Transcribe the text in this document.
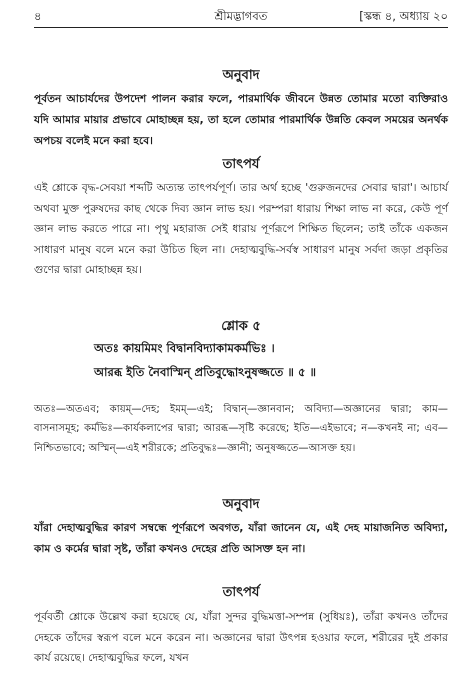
৪	শ্রীমদ্ভাগবত	[স্কন্ধ ৪, অধ্যায় ২০
অনুবাদ

পূর্বতন আচার্যদের উপদেশ পালন করার ফলে, পারমার্থিক জীবনে উন্নত তোমার মতো ব্যক্তিরাও যদি আমার মায়ার প্রভাবে মোহাচ্ছন্ন হয়, তা হলে তোমার পারমার্থিক উন্নতি কেবল সময়ের অনর্থক অপচয় বলেই মনে করা হবে।

তাৎপর্য

এই শ্লোকে বৃদ্ধ-সেবয়া শব্দটি অত্যন্ত তাৎপর্যপূর্ণ। তার অর্থ হচ্ছে 'গুরুজনদের সেবার দ্বারা'। আচার্য অথবা মুক্ত পুরুষদের কাছ থেকে দিব্য জ্ঞান লাভ হয়। পরম্পরা ধারায় শিক্ষা লাভ না করে, কেউ পূর্ণ জ্ঞান লাভ করতে পারে না। পৃথু মহারাজ সেই ধারায় পূর্ণরূপে শিক্ষিত ছিলেন; তাই তাঁকে একজন সাধারণ মানুষ বলে মনে করা উচিত ছিল না। দেহাত্মবুদ্ধি-সর্বস্ব সাধারণ মানুষ সর্বদা জড়া প্রকৃতির গুণের দ্বারা মোহাচ্ছন্ন হয়।

শ্লোক ৫
অতঃ কায়মিমং বিদ্বানবিদ্যাকামকর্মভিঃ ।
আরব্ধ ইতি নৈবাস্মিন্ প্রতিবুদ্ধোঽনুষজ্জতে ॥ ৫ ॥

অতঃ—অতএব; কায়ম্—দেহ; ইমম্—এই; বিদ্বান্—জ্ঞানবান; অবিদ্যা—অজ্ঞানের দ্বারা; কাম—বাসনাসমূহ; কর্মভিঃ—কার্যকলাপের দ্বারা; আরব্ধ—সৃষ্টি করেছে; ইতি—এইভাবে; ন—কখনই না; এব—নিশ্চিতভাবে; অস্মিন্—এই শরীরকে; প্রতিবুদ্ধঃ—জ্ঞানী; অনুষজ্জতে—আসক্ত হয়।

অনুবাদ

যাঁরা দেহাত্মবুদ্ধির কারণ সম্বন্ধে পূর্ণরূপে অবগত, যাঁরা জানেন যে, এই দেহ মায়াজনিত অবিদ্যা, কাম ও কর্মের দ্বারা সৃষ্ট, তাঁরা কখনও দেহের প্রতি আসক্ত হন না।

তাৎপর্য

পূর্ববর্তী শ্লোকে উল্লেখ করা হয়েছে যে, যাঁরা সুন্দর বুদ্ধিমত্তা-সম্পন্ন (সুধিয়ঃ), তাঁরা কখনও তাঁদের দেহকে তাঁদের স্বরূপ বলে মনে করেন না। অজ্ঞানের দ্বারা উৎপন্ন হওয়ার ফলে, শরীরের দুই প্রকার কার্য রয়েছে। দেহাত্মবুদ্ধির ফলে, যখন
